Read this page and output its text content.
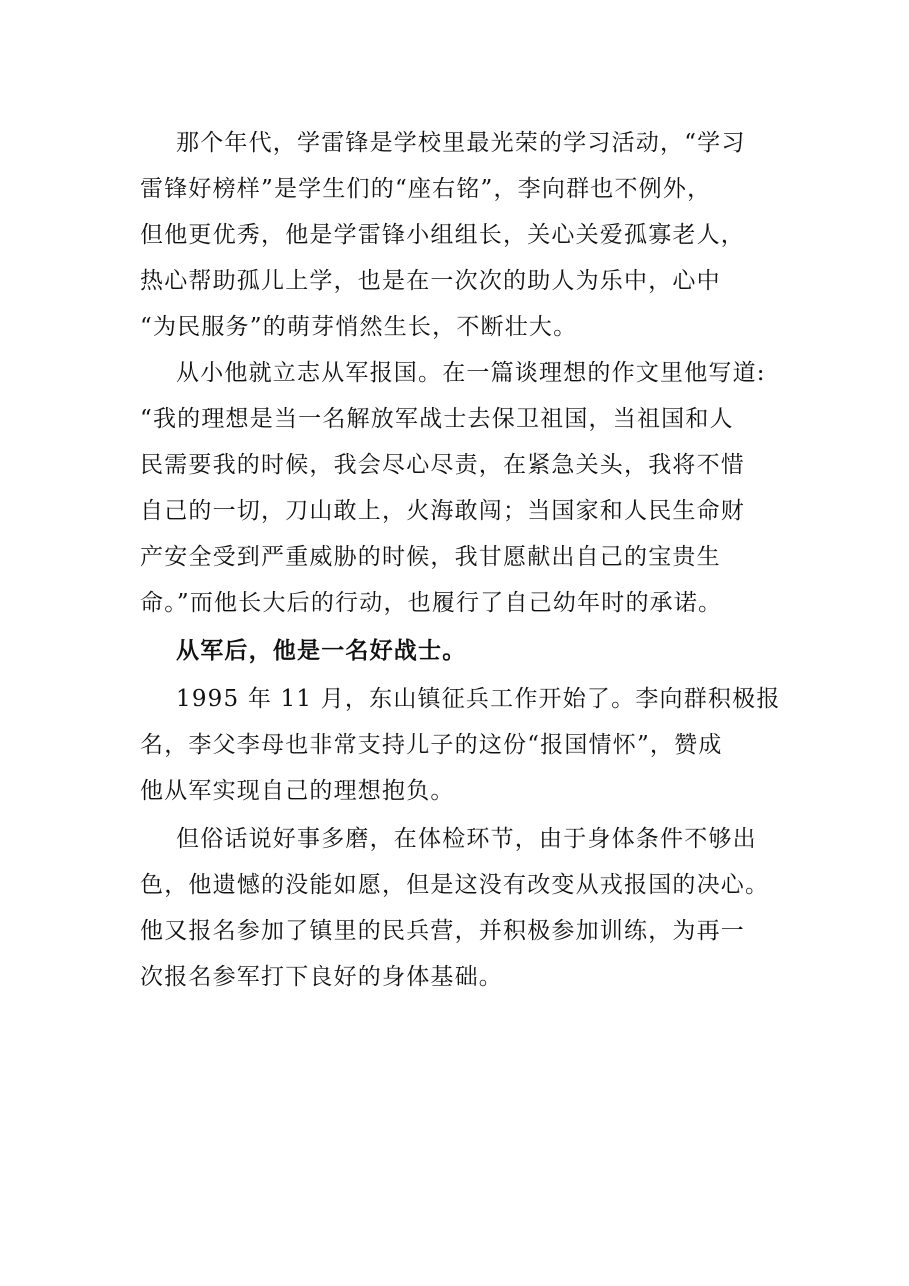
那个年代，学雷锋是学校里最光荣的学习活动，“学习
雷锋好榜样”是学生们的“座右铭”，李向群也不例外，
但他更优秀，他是学雷锋小组组长，关心关爱孤寡老人，
热心帮助孤儿上学，也是在一次次的助人为乐中，心中
“为民服务”的萌芽悄然生长，不断壮大。
从小他就立志从军报国。在一篇谈理想的作文里他写道:
“我的理想是当一名解放军战士去保卫祖国，当祖国和人
民需要我的时候，我会尽心尽责，在紧急关头，我将不惜
自己的一切，刀山敢上，火海敢闯；当国家和人民生命财
产安全受到严重威胁的时候，我甘愿献出自己的宝贵生
命。”而他长大后的行动，也履行了自己幼年时的承诺。
从军后，他是一名好战士。
1995 年 11 月，东山镇征兵工作开始了。李向群积极报
名，李父李母也非常支持儿子的这份“报国情怀”，赞成
他从军实现自己的理想抱负。
但俗话说好事多磨，在体检环节，由于身体条件不够出
色，他遗憾的没能如愿，但是这没有改变从戎报国的决心。
他又报名参加了镇里的民兵营，并积极参加训练，为再一
次报名参军打下良好的身体基础。
